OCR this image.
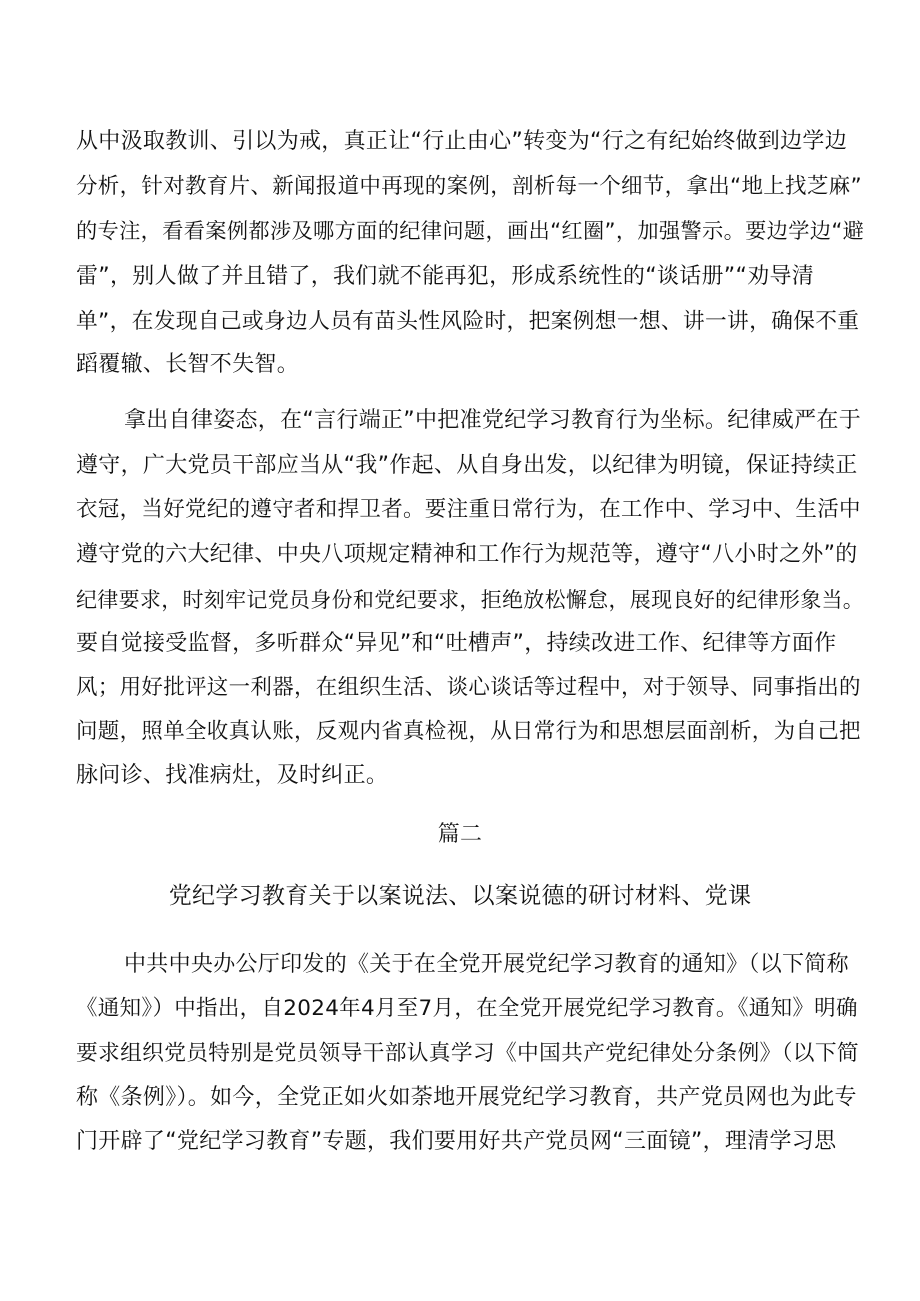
从中汲取教训、引以为戒，真正让“行止由心”转变为“行之有纪始终做到边学边
分析，针对教育片、新闻报道中再现的案例，剖析每一个细节，拿出“地上找芝麻”
的专注，看看案例都涉及哪方面的纪律问题，画出“红圈”，加强警示。要边学边“避
雷”，别人做了并且错了，我们就不能再犯，形成系统性的“谈话册”“劝导清
单”，在发现自己或身边人员有苗头性风险时，把案例想一想、讲一讲，确保不重
蹈覆辙、长智不失智。
拿出自律姿态，在“言行端正”中把准党纪学习教育行为坐标。纪律威严在于
遵守，广大党员干部应当从“我”作起、从自身出发，以纪律为明镜，保证持续正
衣冠，当好党纪的遵守者和捍卫者。要注重日常行为，在工作中、学习中、生活中
遵守党的六大纪律、中央八项规定精神和工作行为规范等，遵守“八小时之外”的
纪律要求，时刻牢记党员身份和党纪要求，拒绝放松懈怠，展现良好的纪律形象当。
要自觉接受监督，多听群众“异见”和“吐槽声”，持续改进工作、纪律等方面作
风；用好批评这一利器，在组织生活、谈心谈话等过程中，对于领导、同事指出的
问题，照单全收真认账，反观内省真检视，从日常行为和思想层面剖析，为自己把
脉问诊、找准病灶，及时纠正。
篇二
党纪学习教育关于以案说法、以案说德的研讨材料、党课
中共中央办公厅印发的《关于在全党开展党纪学习教育的通知》（以下简称
《通知》）中指出，自2024年4月至7月，在全党开展党纪学习教育。《通知》明确
要求组织党员特别是党员领导干部认真学习《中国共产党纪律处分条例》（以下简
称《条例》）。如今，全党正如火如荼地开展党纪学习教育，共产党员网也为此专
门开辟了“党纪学习教育”专题，我们要用好共产党员网“三面镜”，理清学习思
